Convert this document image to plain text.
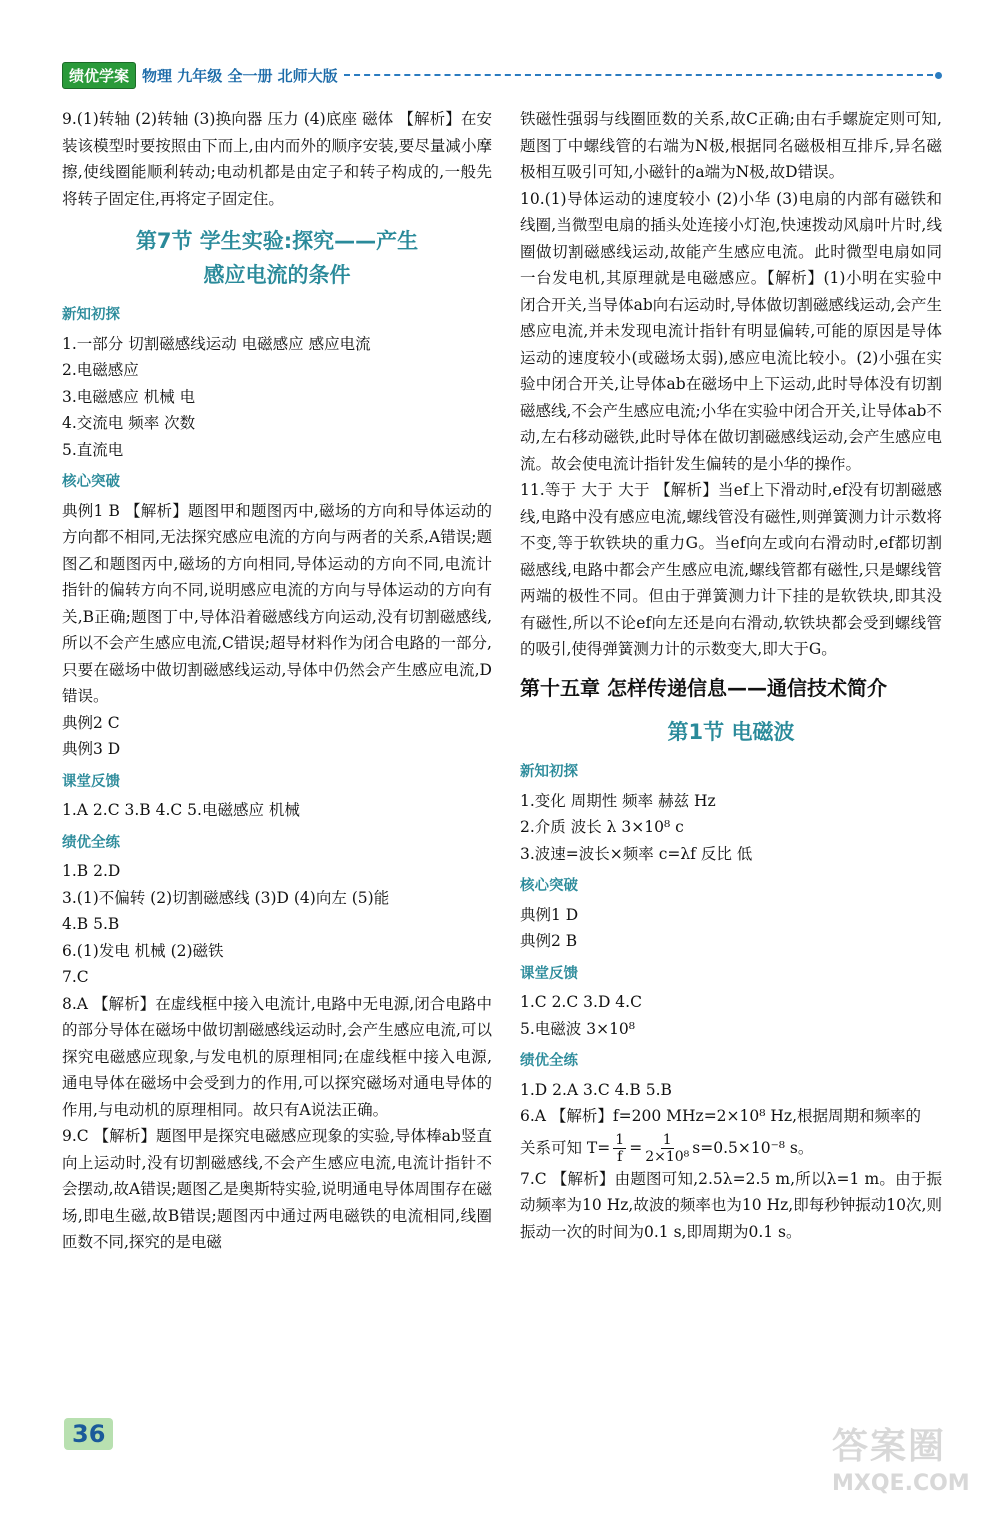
绩优学案 物理 九年级 全一册 北师大版

9.(1)转轴 (2)转轴 (3)换向器 压力 (4)底座 磁体 【解析】在安装该模型时要按照由下而上,由内而外的顺序安装,要尽量减小摩擦,使线圈能顺利转动;电动机都是由定子和转子构成的,一般先将转子固定住,再将定子固定住。

第7节 学生实验:探究——产生
感应电流的条件
新知初探

1.一部分 切割磁感线运动 电磁感应 感应电流

2.电磁感应

3.电磁感应 机械 电

4.交流电 频率 次数

5.直流电

核心突破

典例1 B 【解析】题图甲和题图丙中,磁场的方向和导体运动的方向都不相同,无法探究感应电流的方向与两者的关系,A错误;题图乙和题图丙中,磁场的方向相同,导体运动的方向不同,电流计指针的偏转方向不同,说明感应电流的方向与导体运动的方向有关,B正确;题图丁中,导体沿着磁感线方向运动,没有切割磁感线,所以不会产生感应电流,C错误;超导材料作为闭合电路的一部分,只要在磁场中做切割磁感线运动,导体中仍然会产生感应电流,D错误。

典例2 C

典例3 D

课堂反馈

1.A 2.C 3.B 4.C 5.电磁感应 机械

绩优全练

1.B 2.D

3.(1)不偏转 (2)切割磁感线 (3)D (4)向左 (5)能

4.B 5.B

6.(1)发电 机械 (2)磁铁

7.C

8.A 【解析】在虚线框中接入电流计,电路中无电源,闭合电路中的部分导体在磁场中做切割磁感线运动时,会产生感应电流,可以探究电磁感应现象,与发电机的原理相同;在虚线框中接入电源,通电导体在磁场中会受到力的作用,可以探究磁场对通电导体的作用,与电动机的原理相同。故只有A说法正确。

9.C 【解析】题图甲是探究电磁感应现象的实验,导体棒ab竖直向上运动时,没有切割磁感线,不会产生感应电流,电流计指针不会摆动,故A错误;题图乙是奥斯特实验,说明通电导体周围存在磁场,即电生磁,故B错误;题图丙中通过两电磁铁的电流相同,线圈匝数不同,探究的是电磁

铁磁性强弱与线圈匝数的关系,故C正确;由右手螺旋定则可知,题图丁中螺线管的右端为N极,根据同名磁极相互排斥,异名磁极相互吸引可知,小磁针的a端为N极,故D错误。

10.(1)导体运动的速度较小 (2)小华 (3)电扇的内部有磁铁和线圈,当微型电扇的插头处连接小灯泡,快速拨动风扇叶片时,线圈做切割磁感线运动,故能产生感应电流。此时微型电扇如同一台发电机,其原理就是电磁感应。【解析】(1)小明在实验中闭合开关,当导体ab向右运动时,导体做切割磁感线运动,会产生感应电流,并未发现电流计指针有明显偏转,可能的原因是导体运动的速度较小(或磁场太弱),感应电流比较小。(2)小强在实验中闭合开关,让导体ab在磁场中上下运动,此时导体没有切割磁感线,不会产生感应电流;小华在实验中闭合开关,让导体ab不动,左右移动磁铁,此时导体在做切割磁感线运动,会产生感应电流。故会使电流计指针发生偏转的是小华的操作。

11.等于 大于 大于 【解析】当ef上下滑动时,ef没有切割磁感线,电路中没有感应电流,螺线管没有磁性,则弹簧测力计示数将不变,等于软铁块的重力G。当ef向左或向右滑动时,ef都切割磁感线,电路中都会产生感应电流,螺线管都有磁性,只是螺线管两端的极性不同。但由于弹簧测力计下挂的是软铁块,即其没有磁性,所以不论ef向左还是向右滑动,软铁块都会受到螺线管的吸引,使得弹簧测力计的示数变大,即大于G。

第十五章 怎样传递信息——通信技术简介
第1节 电磁波
新知初探

1.变化 周期性 频率 赫兹 Hz

2.介质 波长 λ 3×10⁸ c

3.波速=波长×频率 c=λf 反比 低

核心突破

典例1 D

典例2 B

课堂反馈

1.C 2.C 3.D 4.C

5.电磁波 3×10⁸

绩优全练

1.D 2.A 3.C 4.B 5.B

6.A 【解析】f=200 MHz=2×10⁸ Hz,根据周期和频率的

关系可知 $T= \frac{1}{f} = \frac{1}{\text{2×10⁸}} s=0.5\times 10^{-8}$ s。

7.C 【解析】由题图可知,2.5λ=2.5 m,所以λ=1 m。由于振动频率为10 Hz,故波的频率也为10 Hz,即每秒钟振动10次,则振动一次的时间为0.1 s,即周期为0.1 s。

36	答案圈
MXQE.COM
